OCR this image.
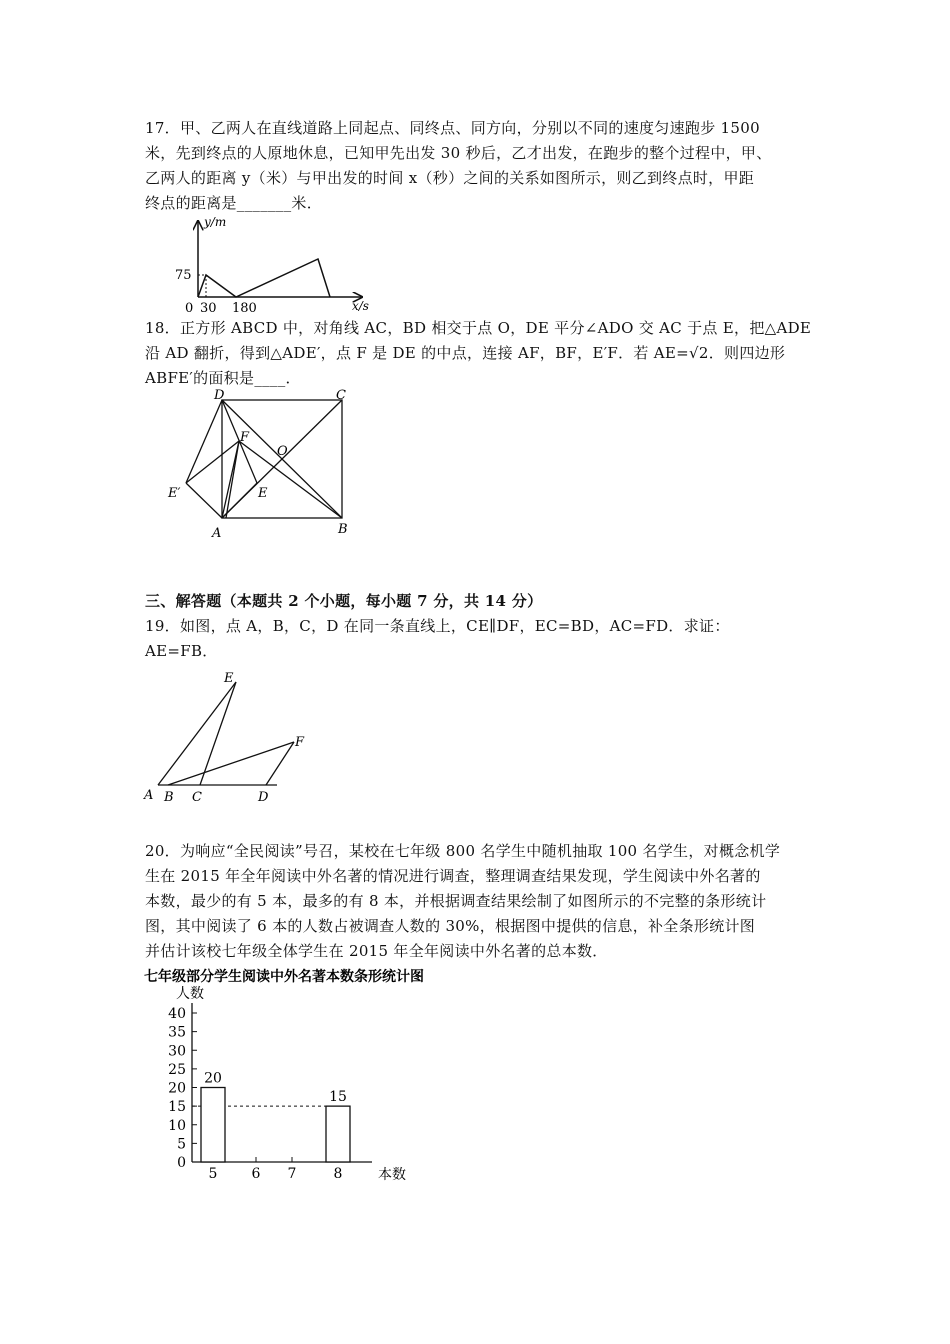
17．甲、乙两人在直线道路上同起点、同终点、同方向，分别以不同的速度匀速跑步 1500
米，先到终点的人原地休息，已知甲先出发 30 秒后，乙才出发，在跑步的整个过程中，甲、
乙两人的距离 y（米）与甲出发的时间 x（秒）之间的关系如图所示，则乙到终点时，甲距
终点的距离是_______米．
y/m
x/s
75
0 30 180
18．正方形 ABCD 中，对角线 AC，BD 相交于点 O，DE 平分∠ADO 交 AC 于点 E，把△ADE
沿 AD 翻折，得到△ADE′，点 F 是 DE 的中点，连接 AF，BF，E′F．若 AE=√2．则四边形
ABFE′的面积是____．
D	C
F
O
E′	E
A	B
三、解答题（本题共 2 个小题，每小题 7 分，共 14 分）
19．如图，点 A，B，C，D 在同一条直线上，CE∥DF，EC=BD，AC=FD．求证：
AE=FB．
E
F
A B C	D
20．为响应“全民阅读”号召，某校在七年级 800 名学生中随机抽取 100 名学生，对概念机学
生在 2015 年全年阅读中外名著的情况进行调查，整理调查结果发现，学生阅读中外名著的
本数，最少的有 5 本，最多的有 8 本，并根据调查结果绘制了如图所示的不完整的条形统计
图，其中阅读了 6 本的人数占被调查人数的 30%，根据图中提供的信息，补全条形统计图
并估计该校七年级全体学生在 2015 年全年阅读中外名著的总本数．
七年级部分学生阅读中外名著本数条形统计图
人数
本数
0
5
10
15
20
25
30
35
40
5
20
6 7	8
15
